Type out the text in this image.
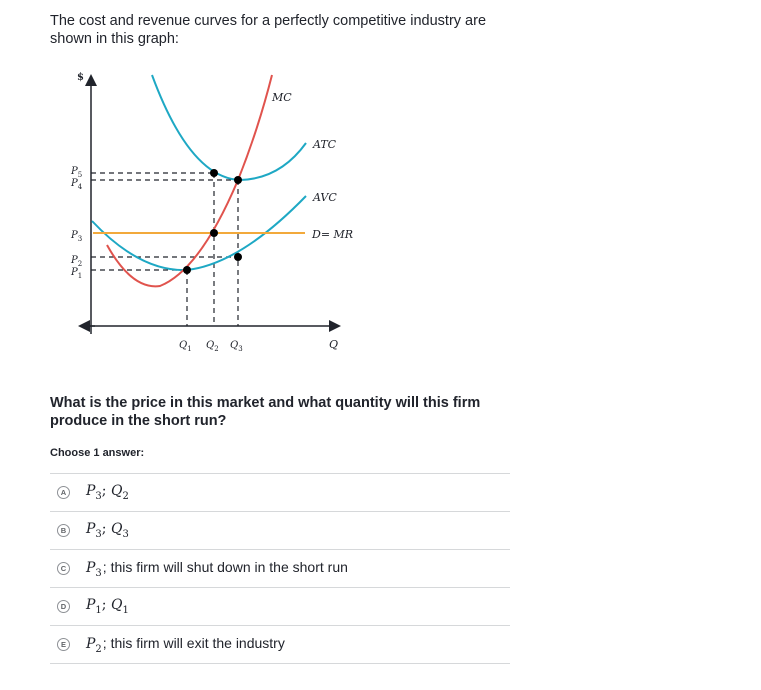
The cost and revenue curves for a perfectly competitive industry are shown in this graph:

$
Q
$P_5$
$P_4$
$P_3$
$P_2$
$P_1$
$Q_1$ $Q_2$ $Q_3$
MC
ATC
AVC
D= MR

What is the price in this market and what quantity will this firm produce in the short run?

Choose 1 answer:
A $P_3$; $Q_2$
B $P_3$; $Q_3$
C $P_3$ ; this firm will shut down in the short run
D $P_1$; $Q_1$
E $P_2$ ; this firm will exit the industry
